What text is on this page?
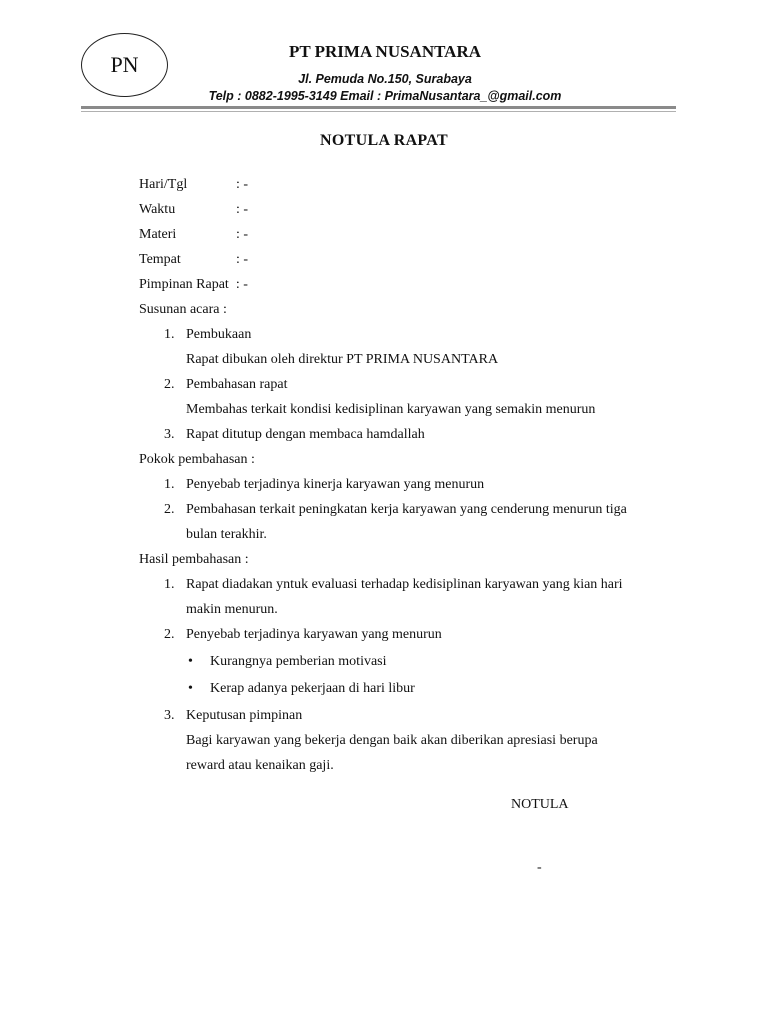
PN
PT PRIMA NUSANTARA
Jl. Pemuda No.150, Surabaya
Telp : 0882-1995-3149 Email : PrimaNusantara_@gmail.com
NOTULA RAPAT
Hari/Tgl	: -
Waktu	: -
Materi	: -
Tempat	: -
Pimpinan Rapat : -
Susunan acara :
1. Pembukaan
Rapat dibukan oleh direktur PT PRIMA NUSANTARA
2. Pembahasan rapat
Membahas terkait kondisi kedisiplinan karyawan yang semakin menurun
3. Rapat ditutup dengan membaca hamdallah
Pokok pembahasan :
1. Penyebab terjadinya kinerja karyawan yang menurun
2. Pembahasan terkait peningkatan kerja karyawan yang cenderung menurun tiga
bulan terakhir.
Hasil pembahasan :
1. Rapat diadakan yntuk evaluasi terhadap kedisiplinan karyawan yang kian hari
makin menurun.
2. Penyebab terjadinya karyawan yang menurun
•	Kurangnya pemberian motivasi
•	Kerap adanya pekerjaan di hari libur
3. Keputusan pimpinan
Bagi karyawan yang bekerja dengan baik akan diberikan apresiasi berupa
reward atau kenaikan gaji.
NOTULA
-
